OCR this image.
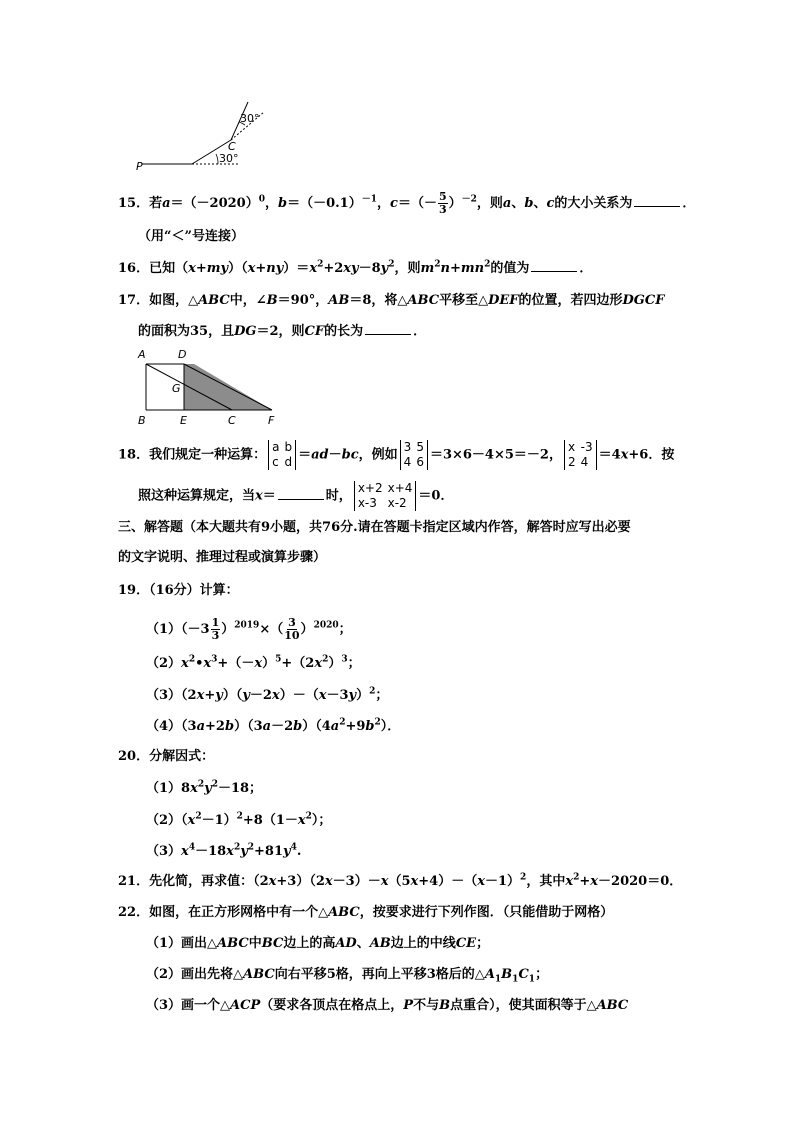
P
C
30°
30°
15．若$a=(-2020)^0$，$b=(-0.1)^{-1}$，$c=(- \frac{5}{3} )^{-2}$，则a、b、c的大小关系为	．
（用“＜”号连接）
16．已知$(x+my)(x+ny)=x^2+2xy-8y^2$，则$m^2n+mn^2$的值为	．
17．如图，△ABC中，∠B＝90°，AB＝8，将△ABC平移至△DEF的位置，若四边形DGCF
的面积为35，且DG＝2，则CF的长为	．
A	D
G
B	E	C	F
18．我们规定一种运算：
a b
c d ＝ad－bc，例如
3 5
4 6 ＝3×6－4×5＝－2，
x -3
2 4 ＝4x+6．按
照这种运算规定，当x＝	时，
x+2 x+4
x-3 x-2 ＝0．
三、解答题（本大题共有9小题，共76分.请在答题卡指定区域内作答，解答时应写出必要
的文字说明、推理过程或演算步骤）
19．（16分）计算：
$(1)(-3 \frac{1}{3} )^{2019}\times( \frac{3}{10} )^{2020}$；
$(2)x^2•x^3+(-x)^5+(2x^2)^3$；
$(3)(2x+y)(y-2x)-(x-3y)^2$；
$(4)(3a+2b)(3a-2b)(4a^2+9b^2)$．
20．分解因式：
$(1)8x^2y^2-18$；
$(2)(x^2-1)^2+8(1-x^2)$；
$(3)x^4-18x^2y^2+81y^4$.
21．先化简，再求值：$(2x+3)(2x-3)-x(5x+4)-(x-1)^2$，其中$x^2+x-2020=0$．
22．如图，在正方形网格中有一个△ABC，按要求进行下列作图．（只能借助于网格）
（1）画出△ABC中BC边上的高AD、AB边上的中线CE；
（2）画出先将△ABC向右平移5格，再向上平移3格后的$\triangle A_1B_1C_1$；
（3）画一个△ACP（要求各顶点在格点上，P不与B点重合），使其面积等于△ABC
